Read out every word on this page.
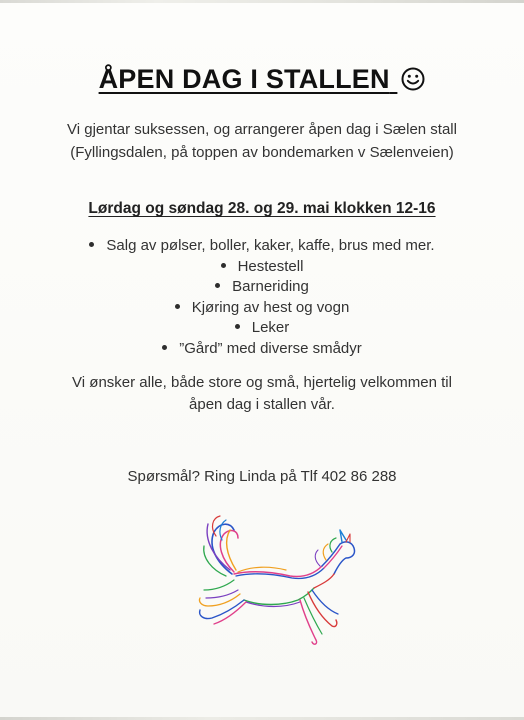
ÅPEN DAG I STALLEN
Vi gjentar suksessen, og arrangerer åpen dag i Sælen stall
(Fyllingsdalen, på toppen av bondemarken v Sælenveien)
Lørdag og søndag 28. og 29. mai klokken 12-16
Salg av pølser, boller, kaker, kaffe, brus med mer.
Hestestell
Barneriding
Kjøring av hest og vogn
Leker
”Gård” med diverse smådyr
Vi ønsker alle, både store og små, hjertelig velkommen til
åpen dag i stallen vår.
Spørsmål? Ring Linda på Tlf 402 86 288
